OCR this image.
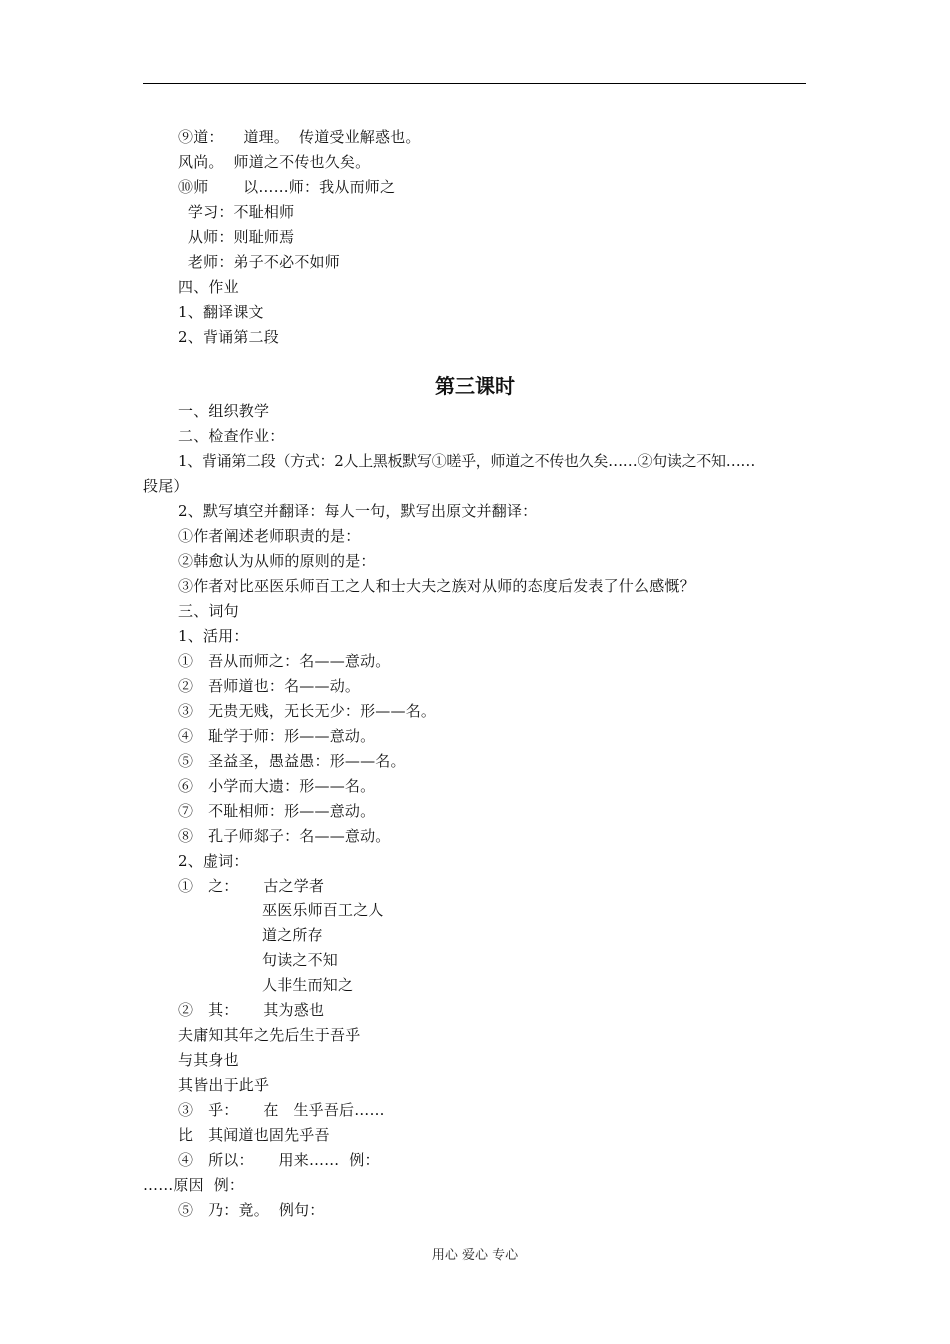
⑨道：    道理。  传道受业解惑也。
风尚。  师道之不传也久矣。
⑩师       以……师：我从而师之
学习：不耻相师
从师：则耻师焉
老师：弟子不必不如师
四、作业
1、翻译课文
2、背诵第二段
第三课时
一、组织教学
二、检查作业：
1、背诵第二段（方式：2人上黑板默写①嗟乎，师道之不传也久矣……②句读之不知……
段尾）
2、默写填空并翻译：每人一句，默写出原文并翻译：
①作者阐述老师职责的是：
②韩愈认为从师的原则的是：
③作者对比巫医乐师百工之人和士大夫之族对从师的态度后发表了什么感慨？
三、词句
1、活用：
①   吾从而师之：名——意动。
②   吾师道也：名——动。
③   无贵无贱，无长无少：形——名。
④   耻学于师：形——意动。
⑤   圣益圣，愚益愚：形——名。
⑥   小学而大遗：形——名。
⑦   不耻相师：形——意动。
⑧   孔子师郯子：名——意动。
2、虚词：
①   之：     古之学者
巫医乐师百工之人
道之所存
句读之不知
人非生而知之
②   其：     其为惑也
夫庸知其年之先后生于吾乎
与其身也
其皆出于此乎
③   乎：     在   生乎吾后……
比   其闻道也固先乎吾
④   所以：     用来……  例：
……原因  例：
⑤   乃：竟。  例句：
用心 爱心 专心
